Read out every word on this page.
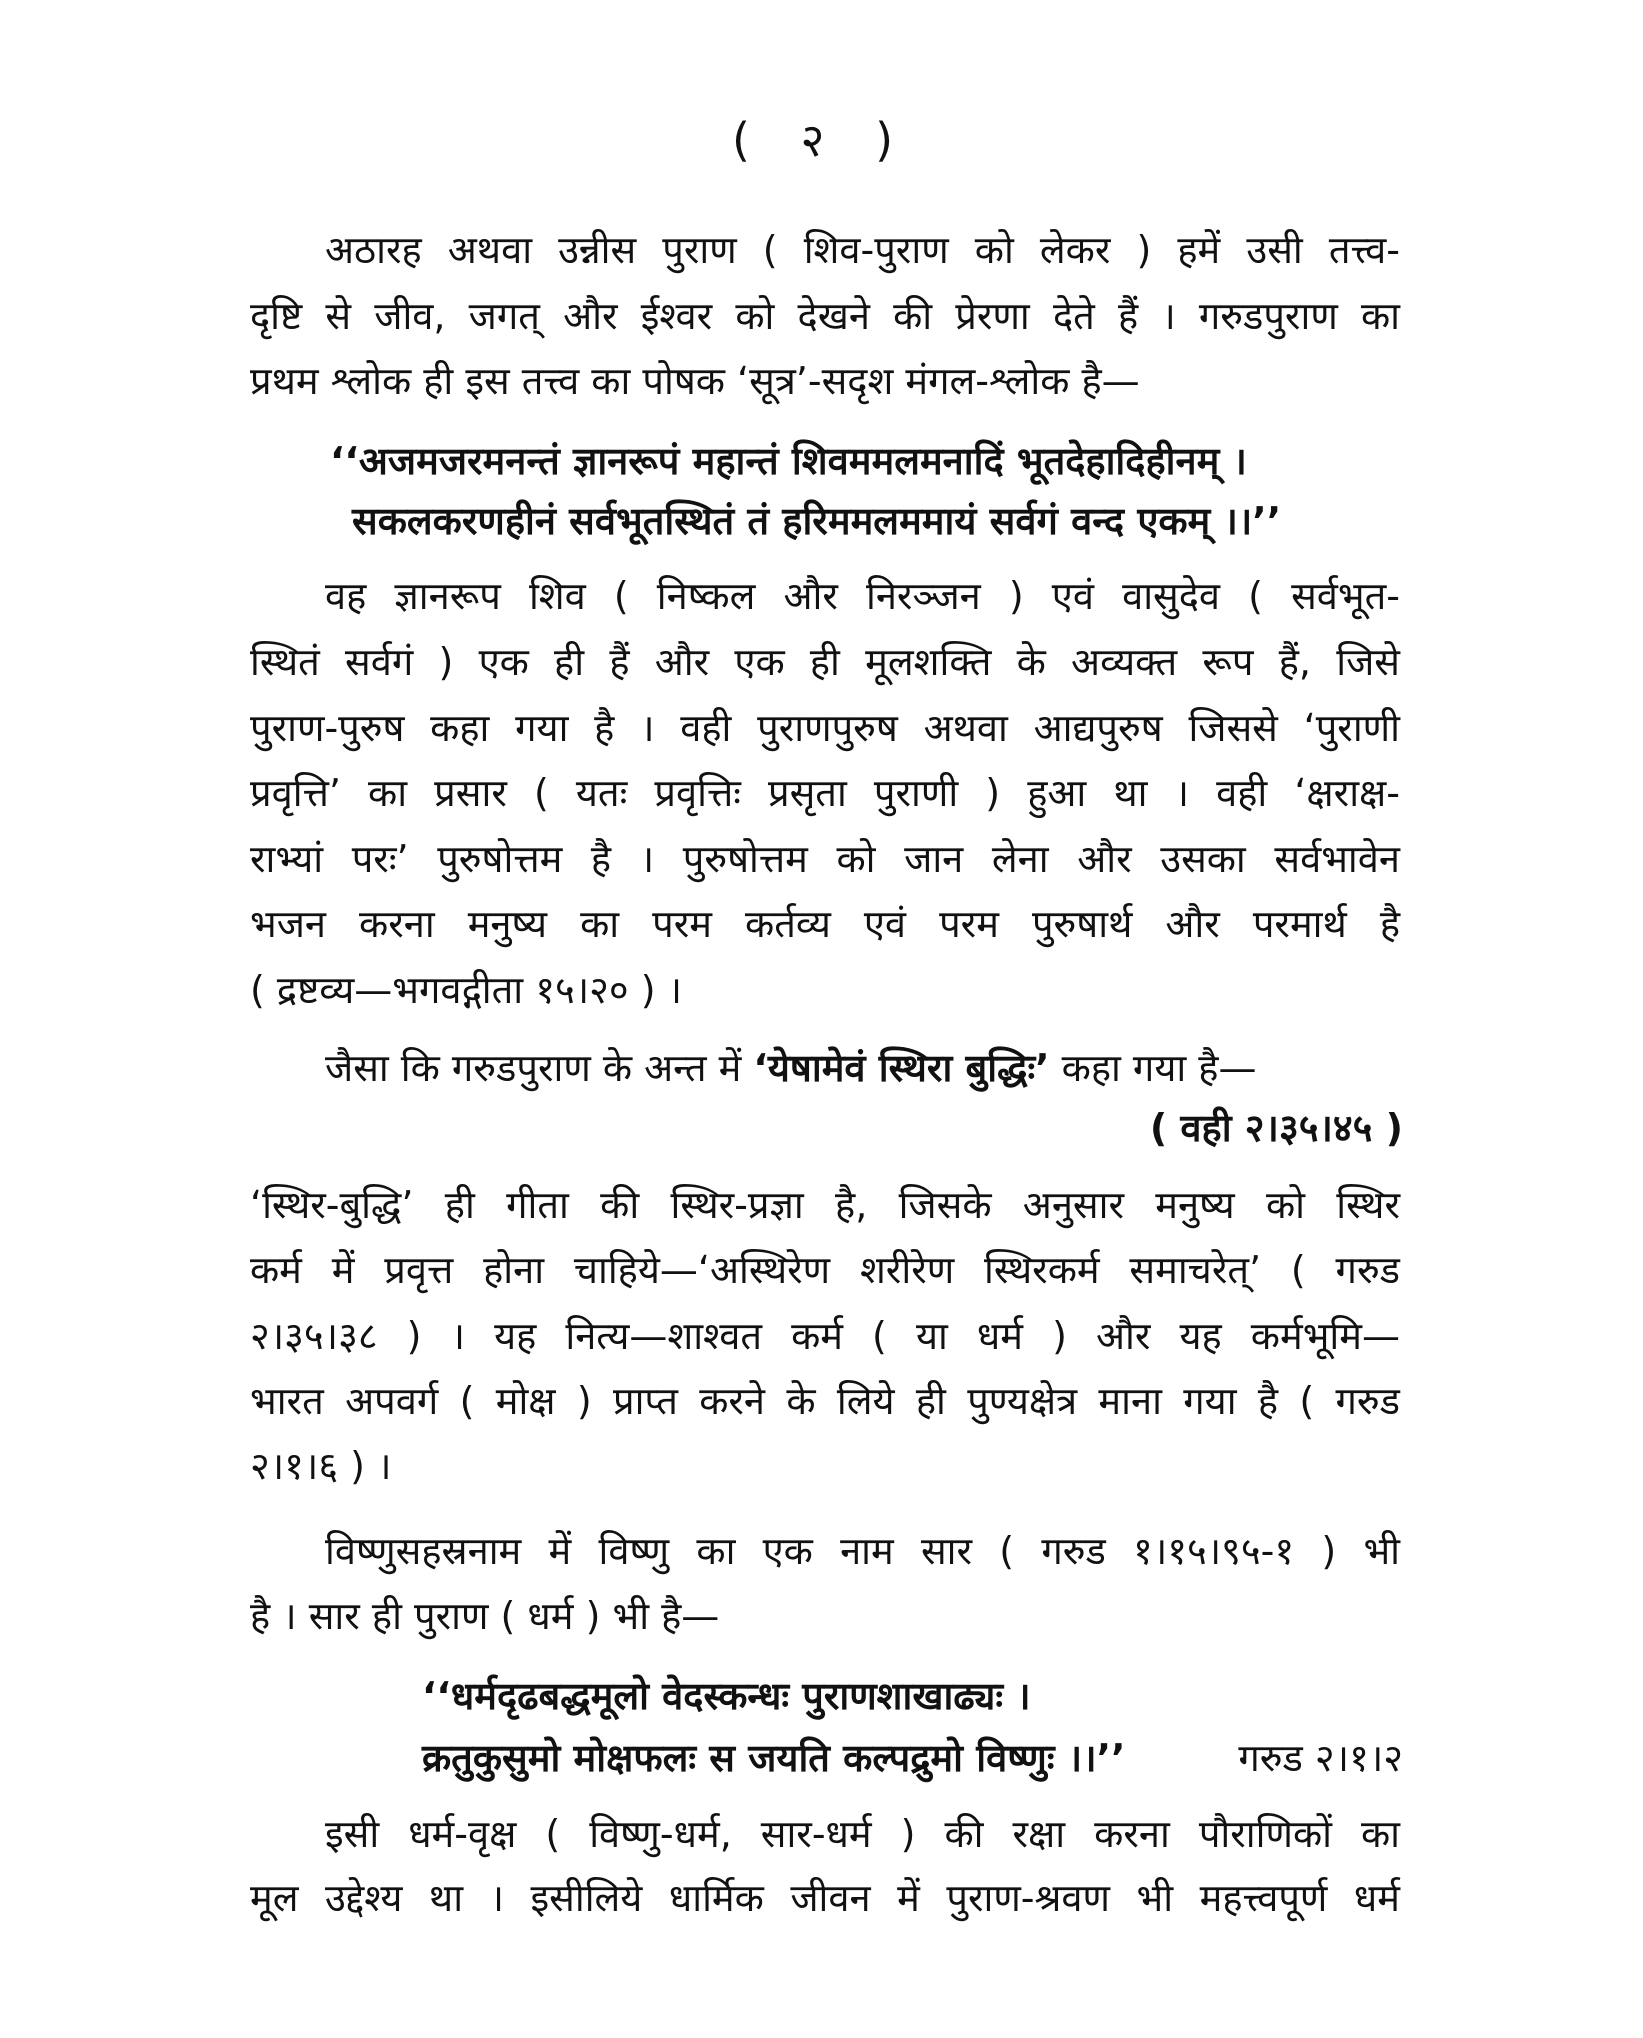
( २ )
अठारह अथवा उन्नीस पुराण ( शिव-पुराण को लेकर ) हमें उसी तत्त्व-
दृष्टि से जीव, जगत् और ईश्वर को देखने की प्रेरणा देते हैं । गरुडपुराण का
प्रथम श्लोक ही इस तत्त्व का पोषक ‘सूत्र’-सदृश मंगल-श्लोक है—
‘‘अजमजरमनन्तं ज्ञानरूपं महान्तं शिवममलमनादिं भूतदेहादिहीनम् ।
सकलकरणहीनं सर्वभूतस्थितं तं हरिममलममायं सर्वगं वन्द एकम् ।।’’
वह ज्ञानरूप शिव ( निष्कल और निरञ्जन ) एवं वासुदेव ( सर्वभूत-
स्थितं सर्वगं ) एक ही हैं और एक ही मूलशक्ति के अव्यक्त रूप हैं, जिसे
पुराण-पुरुष कहा गया है । वही पुराणपुरुष अथवा आद्यपुरुष जिससे ‘पुराणी
प्रवृत्ति’ का प्रसार ( यतः प्रवृत्तिः प्रसृता पुराणी ) हुआ था । वही ‘क्षराक्ष-
राभ्यां परः’ पुरुषोत्तम है । पुरुषोत्तम को जान लेना और उसका सर्वभावेन
भजन करना मनुष्य का परम कर्तव्य एवं परम पुरुषार्थ और परमार्थ है
( द्रष्टव्य—भगवद्गीता १५।२० ) ।
जैसा कि गरुडपुराण के अन्त में ‘येषामेवं स्थिरा बुद्धिः’ कहा गया है—
( वही २।३५।४५ )
‘स्थिर-बुद्धि’ ही गीता की स्थिर-प्रज्ञा है, जिसके अनुसार मनुष्य को स्थिर
कर्म में प्रवृत्त होना चाहिये—‘अस्थिरेण शरीरेण स्थिरकर्म समाचरेत्’ ( गरुड
२।३५।३८ ) । यह नित्य—शाश्वत कर्म ( या धर्म ) और यह कर्मभूमि—
भारत अपवर्ग ( मोक्ष ) प्राप्त करने के लिये ही पुण्यक्षेत्र माना गया है ( गरुड
२।१।६ ) ।
विष्णुसहस्रनाम में विष्णु का एक नाम सार ( गरुड १।१५।९५-१ ) भी
है । सार ही पुराण ( धर्म ) भी है—
‘‘धर्मदृढबद्धमूलो वेदस्कन्धः पुराणशाखाढ्यः ।
क्रतुकुसुमो मोक्षफलः स जयति कल्पद्रुमो विष्णुः ।।’’	गरुड २।१।२
इसी धर्म-वृक्ष ( विष्णु-धर्म, सार-धर्म ) की रक्षा करना पौराणिकों का
मूल उद्देश्य था । इसीलिये धार्मिक जीवन में पुराण-श्रवण भी महत्त्वपूर्ण धर्म
